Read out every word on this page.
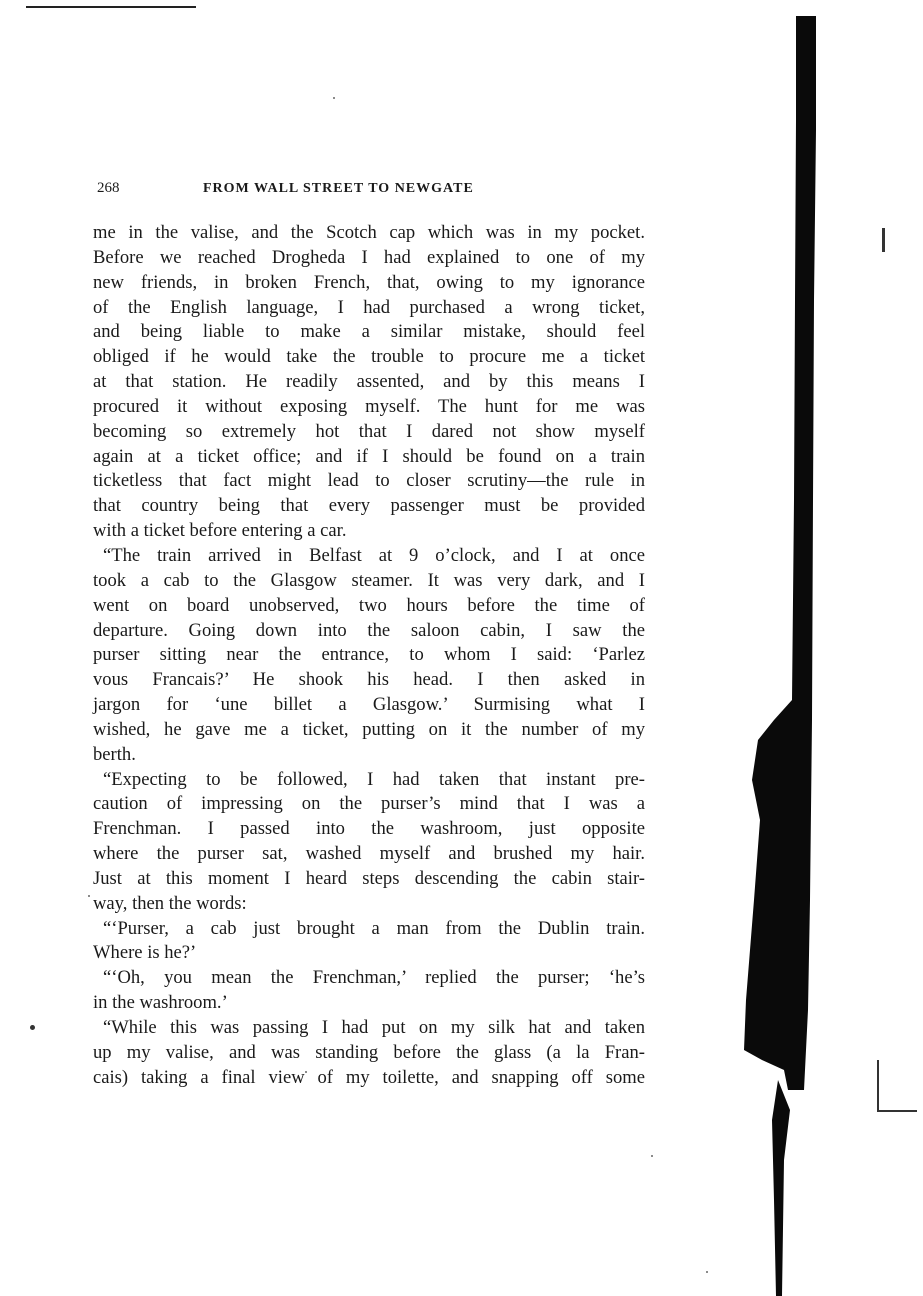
268	FROM WALL STREET TO NEWGATE
me in the valise, and the Scotch cap which was in my pocket.
Before we reached Drogheda I had explained to one of my
new friends, in broken French, that, owing to my ignorance
of the English language, I had purchased a wrong ticket,
and being liable to make a similar mistake, should feel
obliged if he would take the trouble to procure me a ticket
at that station. He readily assented, and by this means I
procured it without exposing myself. The hunt for me was
becoming so extremely hot that I dared not show myself
again at a ticket office; and if I should be found on a train
ticketless that fact might lead to closer scrutiny—the rule in
that country being that every passenger must be provided
with a ticket before entering a car.
“The train arrived in Belfast at 9 o’clock, and I at once
took a cab to the Glasgow steamer. It was very dark, and I
went on board unobserved, two hours before the time of
departure. Going down into the saloon cabin, I saw the
purser sitting near the entrance, to whom I said: ‘Parlez
vous Francais?’ He shook his head. I then asked in
jargon for ‘une billet a Glasgow.’ Surmising what I
wished, he gave me a ticket, putting on it the number of my
berth.
“Expecting to be followed, I had taken that instant pre-
caution of impressing on the purser’s mind that I was a
Frenchman. I passed into the washroom, just opposite
where the purser sat, washed myself and brushed my hair.
Just at this moment I heard steps descending the cabin stair-
way, then the words:
“‘Purser, a cab just brought a man from the Dublin train.
Where is he?’
“‘Oh, you mean the Frenchman,’ replied the purser; ‘he’s
in the washroom.’
“While this was passing I had put on my silk hat and taken
up my valise, and was standing before the glass (a la Fran-
cais) taking a final view of my toilette, and snapping off some
